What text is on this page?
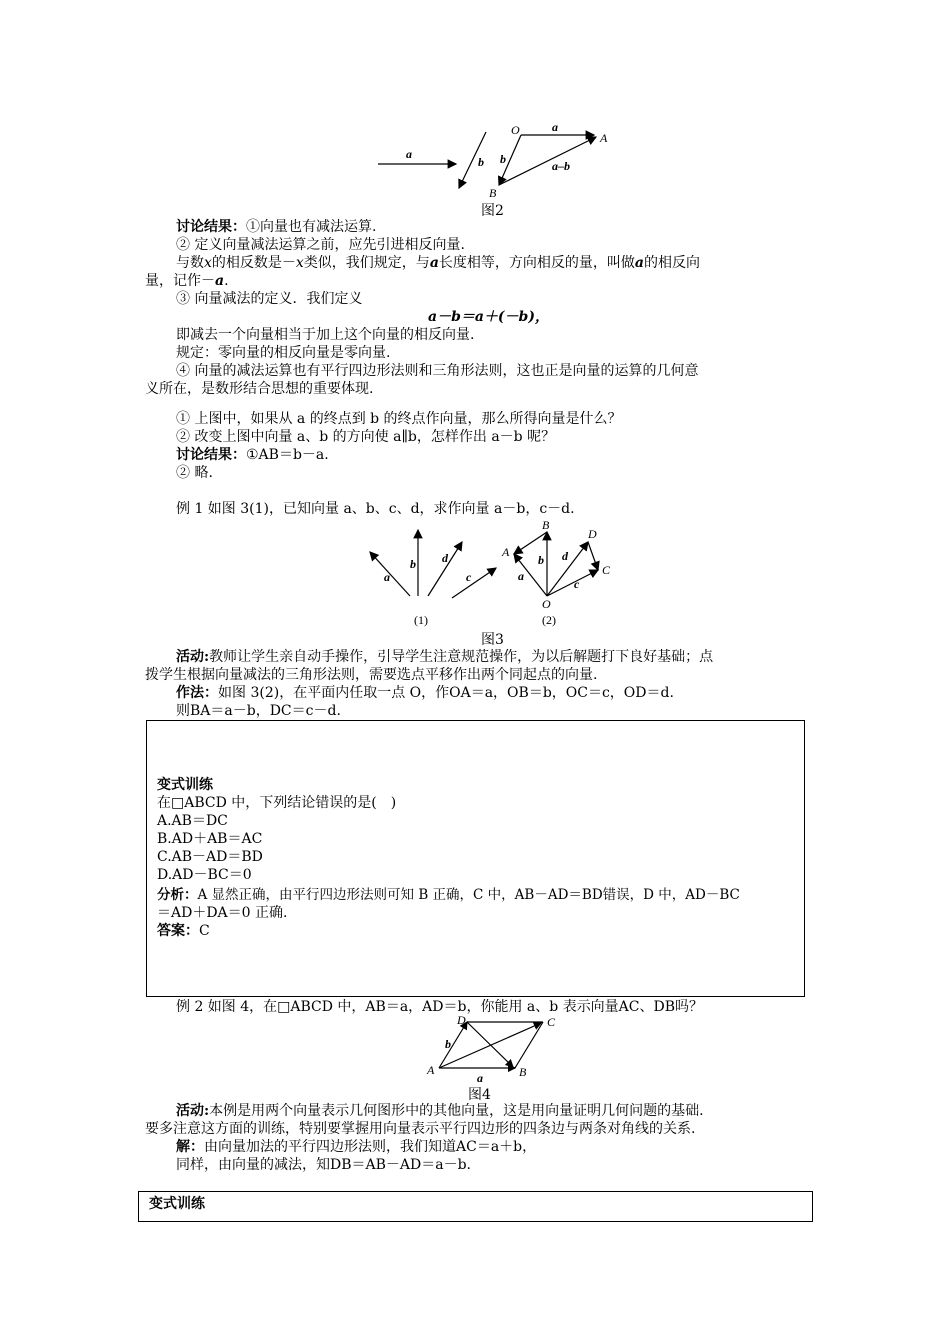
a
b
O	a
A
b	a–b
B
图2
讨论结果：①向量也有减法运算.
② 定义向量减法运算之前，应先引进相反向量.
与数x的相反数是－x类似，我们规定，与a长度相等，方向相反的量，叫做a的相反向
量，记作－a.
③ 向量减法的定义．我们定义
a－b＝a＋(－b)，
即减去一个向量相当于加上这个向量的相反向量.
规定：零向量的相反向量是零向量.
④ 向量的减法运算也有平行四边形法则和三角形法则，这也正是向量的运算的几何意
义所在，是数形结合思想的重要体现.
① 上图中，如果从 a 的终点到 b 的终点作向量，那么所得向量是什么？
② 改变上图中向量 a、b 的方向使 a∥b，怎样作出 a－b 呢？
讨论结果：①AB＝b－a.
② 略.
例 1 如图 3(1)，已知向量 a、b、c、d，求作向量 a－b，c－d.
a
b d
c
(1)
A
B
D
C
O
a
b d
c
(2)
图3
活动:教师让学生亲自动手操作，引导学生注意规范操作，为以后解题打下良好基础；点
拨学生根据向量减法的三角形法则，需要选点平移作出两个同起点的向量.
作法：如图 3(2)，在平面内任取一点 O，作OA＝a，OB＝b，OC＝c，OD＝d.
则BA＝a－b，DC＝c－d.
变式训练
在□ABCD 中，下列结论错误的是(　)
A.AB＝DC
B.AD＋AB＝AC
C.AB－AD＝BD
D.AD－BC＝0
分析：A 显然正确，由平行四边形法则可知 B 正确，C 中，AB－AD＝BD错误，D 中，AD－BC
＝AD＋DA＝0 正确.
答案：C
例 2 如图 4，在□ABCD 中，AB＝a，AD＝b，你能用 a、b 表示向量AC、DB吗？
D	C
A	B
a
b
图4
活动:本例是用两个向量表示几何图形中的其他向量，这是用向量证明几何问题的基础.
要多注意这方面的训练，特别要掌握用向量表示平行四边形的四条边与两条对角线的关系.
解：由向量加法的平行四边形法则，我们知道AC＝a＋b，
同样，由向量的减法，知DB＝AB－AD＝a－b.
变式训练
